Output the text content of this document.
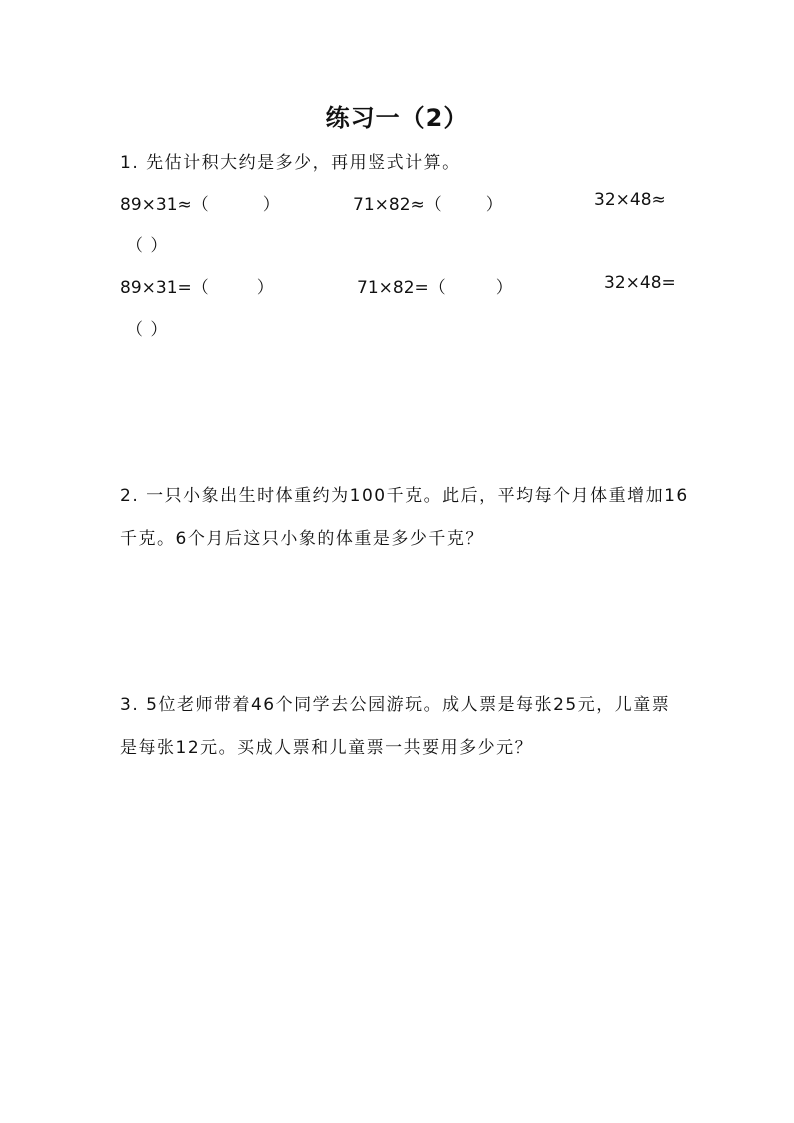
练习一（2）
1. 先估计积大约是多少，再用竖式计算。
89×31≈（	）	71×82≈（	）	32×48≈
（ ）
89×31=（	）	71×82=（	）	32×48=
（ ）
2. 一只小象出生时体重约为100千克。此后，平均每个月体重增加16
千克。6个月后这只小象的体重是多少千克？
3. 5位老师带着46个同学去公园游玩。成人票是每张25元，儿童票
是每张12元。买成人票和儿童票一共要用多少元？
